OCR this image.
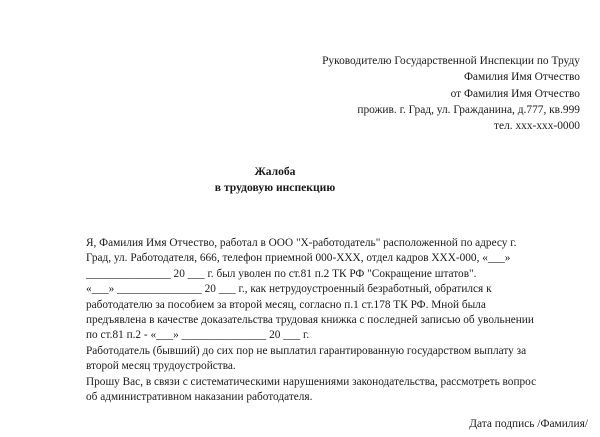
Руководителю Государственной Инспекции по Труду
Фамилия Имя Отчество
от Фамилия Имя Отчество
прожив. г. Град, ул. Гражданина, д.777, кв.999
тел. ххх-ххх-0000
Жалоба
в трудовую инспекцию
Я, Фамилия Имя Отчество, работал в ООО "Х-работодатель" расположенной по адресу г.
Град, ул. Работодателя, 666, телефон приемной 000-ХХХ, отдел кадров ХХХ-000, «___»
_______________ 20 ___ г. был уволен по ст.81 п.2 ТК РФ "Сокращение штатов".
«___» _______________ 20 ___ г., как нетрудоустроенный безработный, обратился к
работодателю за пособием за второй месяц, согласно п.1 ст.178 ТК РФ. Мной была
предъявлена в качестве доказательства трудовая книжка с последней записью об увольнении
по ст.81 п.2 - «___» _______________ 20 ___ г.
Работодатель (бывший) до сих пор не выплатил гарантированную государством выплату за
второй месяц трудоустройства.
Прошу Вас, в связи с систематическими нарушениями законодательства, рассмотреть вопрос
об административном наказании работодателя.
Дата подпись /Фамилия/
